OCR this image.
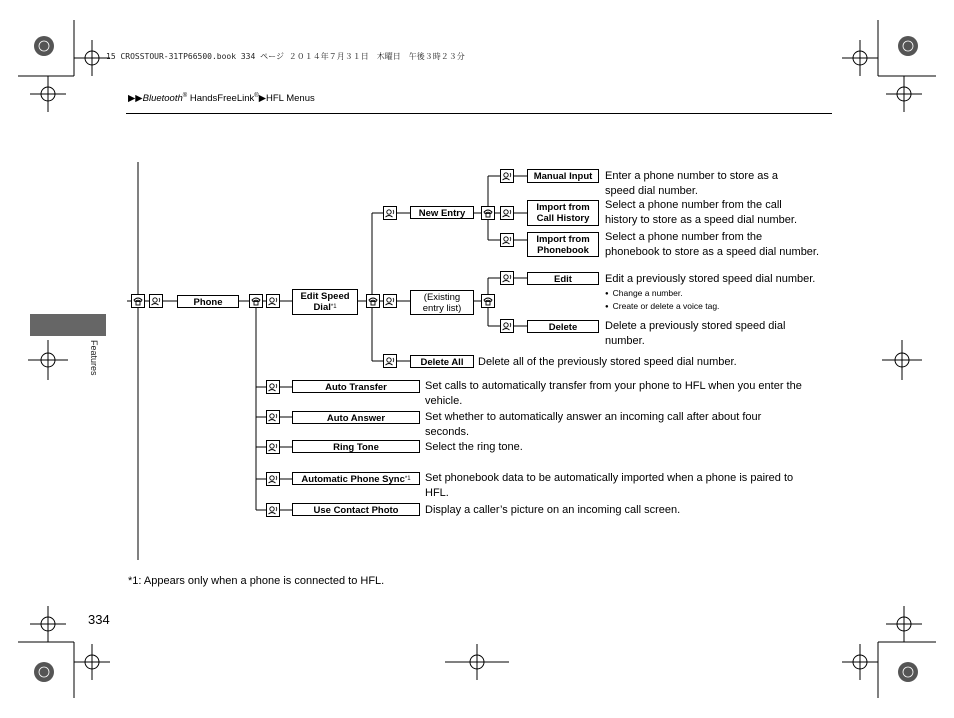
15 CROSSTOUR-31TP66500.book 334 ページ ２０１４年７月３１日　木曜日　午後３時２３分
▶▶Bluetooth® HandsFreeLink®▶HFL Menus
Features
Phone
Edit Speed
Dial$^{*1}$
New Entry
(Existing
entry list)
Delete All
Manual Input
Import from
Call History
Import from
Phonebook
Edit
Delete
Auto Transfer
Auto Answer
Ring Tone
Automatic Phone Sync$^{*1}$
Use Contact Photo
Enter a phone number to store as a
speed dial number.
Select a phone number from the call
history to store as a speed dial number.
Select a phone number from the
phonebook to store as a speed dial number.
Edit a previously stored speed dial number.
● Change a number.
● Create or delete a voice tag.
Delete a previously stored speed dial
number.
Delete all of the previously stored speed dial number.
Set calls to automatically transfer from your phone to HFL when you enter the
vehicle.
Set whether to automatically answer an incoming call after about four
seconds.
Select the ring tone.
Set phonebook data to be automatically imported when a phone is paired to
HFL.
Display a caller’s picture on an incoming call screen.
*1: Appears only when a phone is connected to HFL.
334
